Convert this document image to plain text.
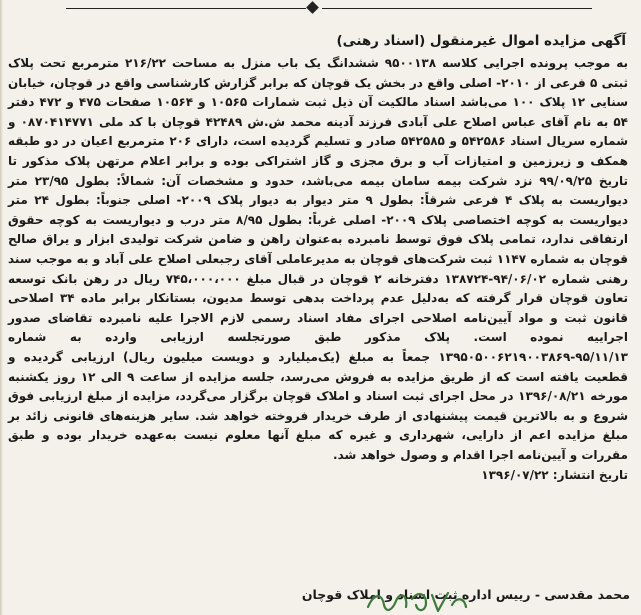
آگهی مزایده اموال غیرمنقول (اسناد رهنی)

به موجب پرونده اجرایی کلاسه ۹۵۰۰۱۳۸ ششدانگ یک باب منزل به مساحت ۲۱۶/۲۲ مترمربع تحت پلاک ثبتی ۵ فرعی از ۲۰۱۰- اصلی واقع در بخش یک قوچان که برابر گزارش کارشناسی واقع در قوچان، خیابان سنایی ۱۲ پلاک ۱۰۰ می‌باشد اسناد مالکیت آن ذیل ثبت شمارات ۱۰۵۶۵ و ۱۰۵۶۴ صفحات ۴۷۵ و ۴۷۲ دفتر ۵۴ به نام آقای عباس اصلاح علی آبادی فرزند آدینه محمد ش.ش ۴۲۴۸۹ قوچان با کد ملی ۰۸۷۰۴۱۴۷۷۱ و شماره سریال اسناد ۵۴۲۵۸۶ و ۵۴۲۵۸۵ صادر و تسلیم گردیده است، دارای ۲۰۶ مترمربع اعیان در دو طبقه همکف و زیرزمین و امتیازات آب و برق مجزی و گاز اشتراکی بوده و برابر اعلام مرتهن پلاک مذکور تا تاریخ ۹۹/۰۹/۲۵ نزد شرکت بیمه سامان بیمه می‌باشد، حدود و مشخصات آن: شمالاً: بطول ۲۳/۹۵ متر دیواریست به پلاک ۴ فرعی شرقاً: بطول ۹ متر دیوار به دیوار پلاک ۲۰۰۹- اصلی جنوباً: بطول ۲۴ متر دیواریست به کوچه اختصاصی پلاک ۲۰۰۹- اصلی غرباً: بطول ۸/۹۵ متر درب و دیواریست به کوچه حقوق ارتفاقی ندارد، تمامی پلاک فوق توسط نامبرده به‌عنوان راهن و ضامن شرکت تولیدی ابزار و یراق صالح قوچان به شماره ۱۱۴۷ ثبت شرکت‌های قوچان به مدیرعاملی آقای رجبعلی اصلاح علی آباد و به موجب سند رهنی شماره ۹۴/۰۶/۰۲-۱۳۸۷۲۴ دفترخانه ۲ قوچان در قبال مبلغ ۷۴۵،۰۰۰،۰۰۰ ریال در رهن بانک توسعه تعاون قوچان قرار گرفته که به‌دلیل عدم پرداخت بدهی توسط مدیون، بستانکار برابر ماده ۳۴ اصلاحی قانون ثبت و مواد آیین‌نامه اصلاحی اجرای مفاد اسناد رسمی لازم الاجرا علیه نامبرده تقاضای صدور اجراییه نموده است. پلاک مذکور طبق صورتجلسه ارزیابی وارده به شماره ۹۵/۱۱/۱۳-۱۳۹۵۰۵۰۰۶۲۱۹۰۰۳۸۶۹ جمعاً به مبلغ (یک‌میلیارد و دویست میلیون ریال) ارزیابی گردیده و قطعیت یافته است که از طریق مزایده به فروش می‌رسد، جلسه مزایده از ساعت ۹ الی ۱۲ روز یکشنبه مورخه ۱۳۹۶/۰۸/۲۱ در محل اجرای ثبت اسناد و املاک قوچان برگزار می‌گردد، مزایده از مبلغ ارزیابی فوق شروع و به بالاترین قیمت پیشنهادی از طرف خریدار فروخته خواهد شد. سایر هزینه‌های قانونی زائد بر مبلغ مزایده اعم از دارایی، شهرداری و غیره که مبلغ آنها معلوم نیست به‌عهده خریدار بوده و طبق مقررات و آیین‌نامه اجرا اقدام و وصول خواهد شد.

تاریخ انتشار: ۱۳۹۶/۰۷/۲۲
محمد مقدسی - رییس اداره ثبت اسناد و املاک قوچان
